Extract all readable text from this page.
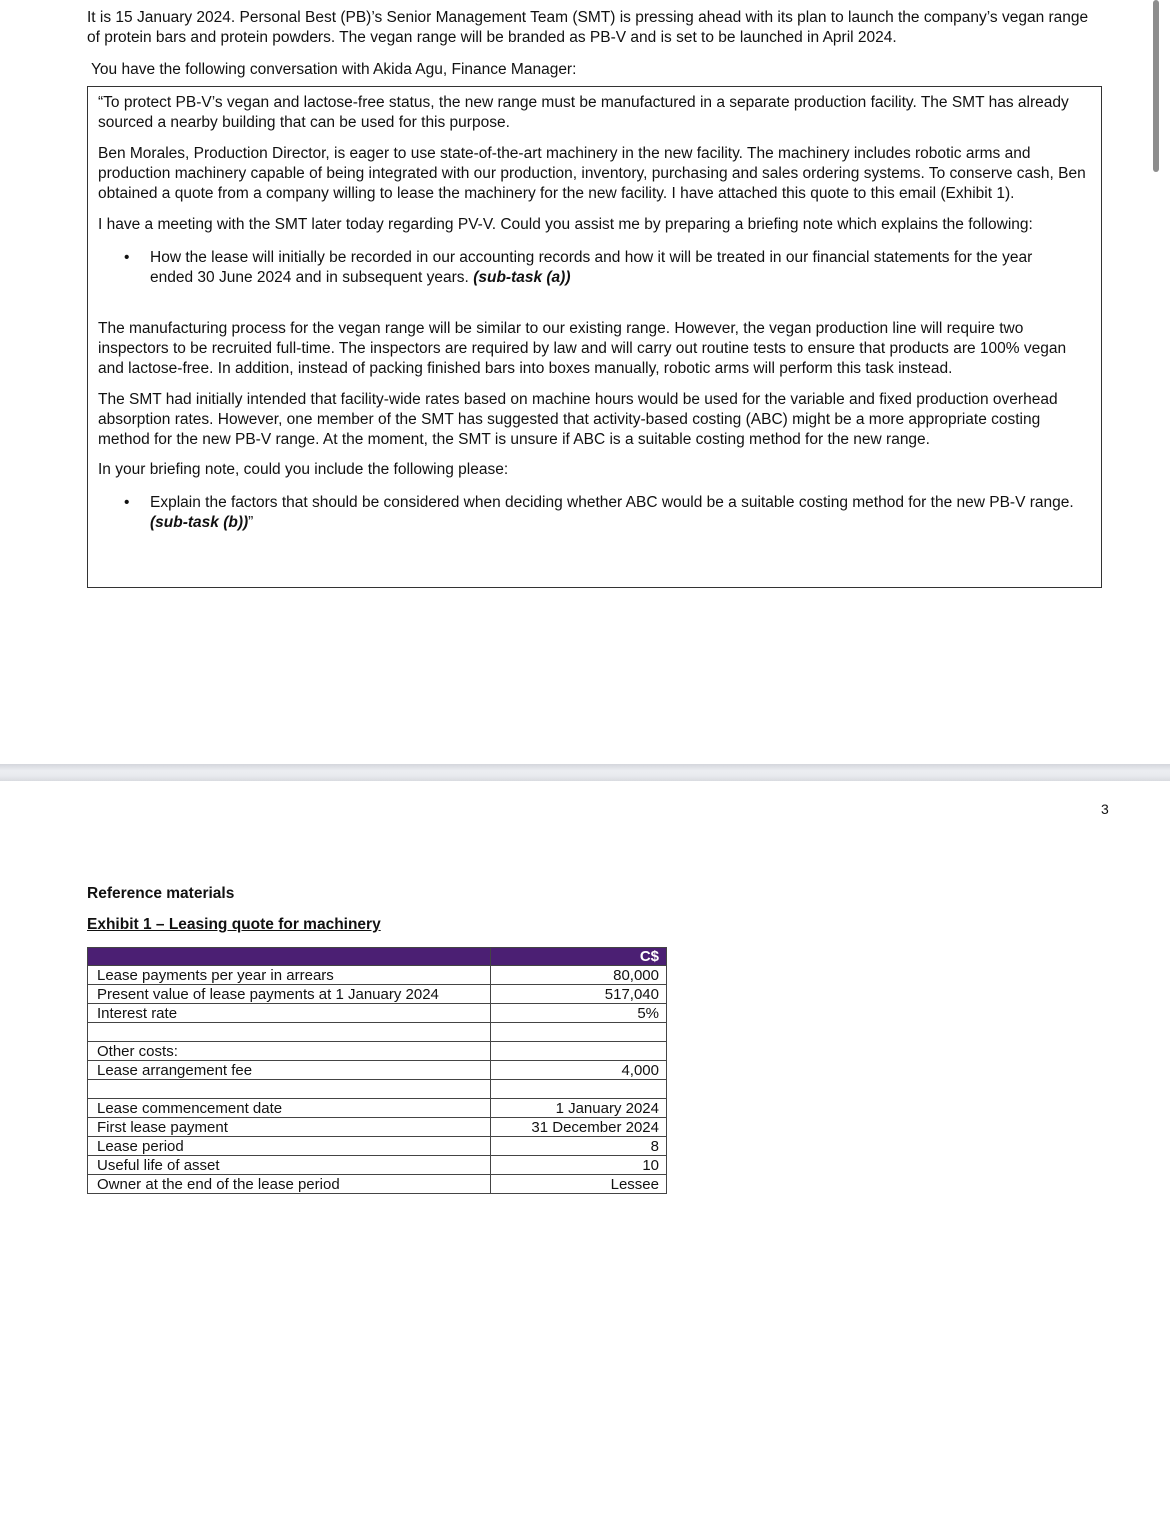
It is 15 January 2024. Personal Best (PB)’s Senior Management Team (SMT) is pressing ahead with its plan to launch the company’s vegan range of protein bars and protein powders. The vegan range will be branded as PB-V and is set to be launched in April 2024.

You have the following conversation with Akida Agu, Finance Manager:

“To protect PB-V’s vegan and lactose-free status, the new range must be manufactured in a separate production facility. The SMT has already sourced a nearby building that can be used for this purpose.

Ben Morales, Production Director, is eager to use state-of-the-art machinery in the new facility. The machinery includes robotic arms and production machinery capable of being integrated with our production, inventory, purchasing and sales ordering systems. To conserve cash, Ben obtained a quote from a company willing to lease the machinery for the new facility. I have attached this quote to this email (Exhibit 1).

I have a meeting with the SMT later today regarding PV-V. Could you assist me by preparing a briefing note which explains the following:

• How the lease will initially be recorded in our accounting records and how it will be treated in our financial statements for the year ended 30 June 2024 and in subsequent years. (sub-task (a))

The manufacturing process for the vegan range will be similar to our existing range. However, the vegan production line will require two inspectors to be recruited full-time. The inspectors are required by law and will carry out routine tests to ensure that products are 100% vegan and lactose-free. In addition, instead of packing finished bars into boxes manually, robotic arms will perform this task instead.

The SMT had initially intended that facility-wide rates based on machine hours would be used for the variable and fixed production overhead absorption rates. However, one member of the SMT has suggested that activity-based costing (ABC) might be a more appropriate costing method for the new PB-V range. At the moment, the SMT is unsure if ABC is a suitable costing method for the new range.

In your briefing note, could you include the following please:

• Explain the factors that should be considered when deciding whether ABC would be a suitable costing method for the new PB-V range. (sub-task (b))”
3

Reference materials

Exhibit 1 – Leasing quote for machinery

	C$
Lease payments per year in arrears	80,000
Present value of lease payments at 1 January 2024	517,040
Interest rate	5%

Other costs:	
Lease arrangement fee	4,000

Lease commencement date	1 January 2024
First lease payment	31 December 2024
Lease period	8
Useful life of asset	10
Owner at the end of the lease period	Lessee
